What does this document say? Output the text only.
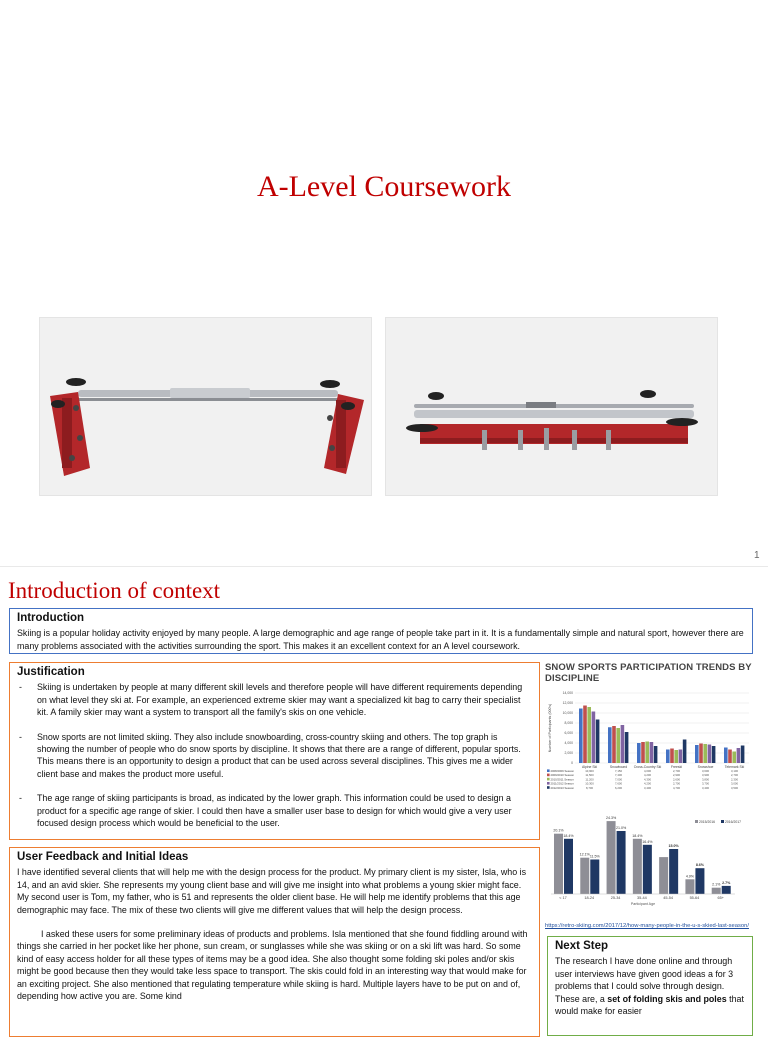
A-Level Coursework
1
Introduction of context
Introduction

Skiing is a popular holiday activity enjoyed by many people. A large demographic and age range of people take part in it. It is a fundamentally simple and natural sport, however there are many problems associated with the activities surrounding the sport. This makes it an excellent context for an A level coursework.

Justification
- Skiing is undertaken by people at many different skill levels and therefore people will have different requirements depending on what level they ski at. For example, an experienced extreme skier may want a specialized kit bag to carry their specialist kit. A family skier may want a system to transport all the family's skis on one vehicle.
- Snow sports are not limited skiing. They also include snowboarding, cross-country skiing and others. The top graph is showing the number of people who do snow sports by discipline. It shows that there are a range of different, popular sports. This means there is an opportunity to design a product that can be used across several disciplines. This gives me a wider client base and makes the product more useful.
- The age range of skiing participants is broad, as indicated by the lower graph. This information could be used to design a product for a specific age range of skier. I could then have a smaller user base to design for which would give a very user focused design process which would be beneficial to the user.
User Feedback and Initial Ideas

I have identified several clients that will help me with the design process for the product. My primary client is my sister, Isla, who is 14, and an avid skier. She represents my young client base and will give me insight into what problems a young skier might face. My second user is Tom, my father, who is 51 and represents the older client base. He will help me identify problems that this age demographic may face. The mix of these two clients will give me different values that will help the design process.

I asked these users for some preliminary ideas of products and problems. Isla mentioned that she found fiddling around with things she carried in her pocket like her phone, sun cream, or sunglasses while she was skiing or on a ski lift was hard. So some kind of easy access holder for all these types of items may be a good idea. She also thought some folding ski poles and/or skis might be good because then they would take less space to transport. The skis could fold in an interesting way that would make for an exciting project. She also mentioned that regulating temperature while skiing is hard. Multiple layers have to be put on and of, depending how active you are. Some kind

SNOW SPORTS PARTICIPATION TRENDS BY DISCIPLINE
Number of Participants (000's)
14,000
12,000
10,000
8,000
6,000
4,000
2,000
0
Alpine Ski	Snowboard Cross-Country Ski	Freeski	Snowshoe	Telemark Ski
2008/2009 Season	10,900	7,150	4,000	2,700	3,600	3,100
2009/2010 Season	11,500	7,400	4,200	2,900	3,900	2,700
2010/2011 Season	11,200	7,000	4,300	2,600	3,800	2,300
2011/2012 Season	10,300	7,600	4,200	2,700	3,700	3,000
2012/2013 Season	8,700	6,200	3,400	4,700	3,400	3,500
20.1%
12.1%
24.3%
18.4%
4.9%
2.1%
18.4%
11.5%
21.0%
16.4%
15.0%
8.6%
2.7%
< 17	18-24	25-34	35-44	45-54	55-64	65+
Participant Age
2015/2016	2016/2017
https://retro-skiing.com/2017/12/how-many-people-in-the-u-s-skied-last-season/
Next Step

The research I have done online and through user interviews have given good ideas a for 3 problems that I could solve through design. These are, a set of folding skis and poles that would make for easier
